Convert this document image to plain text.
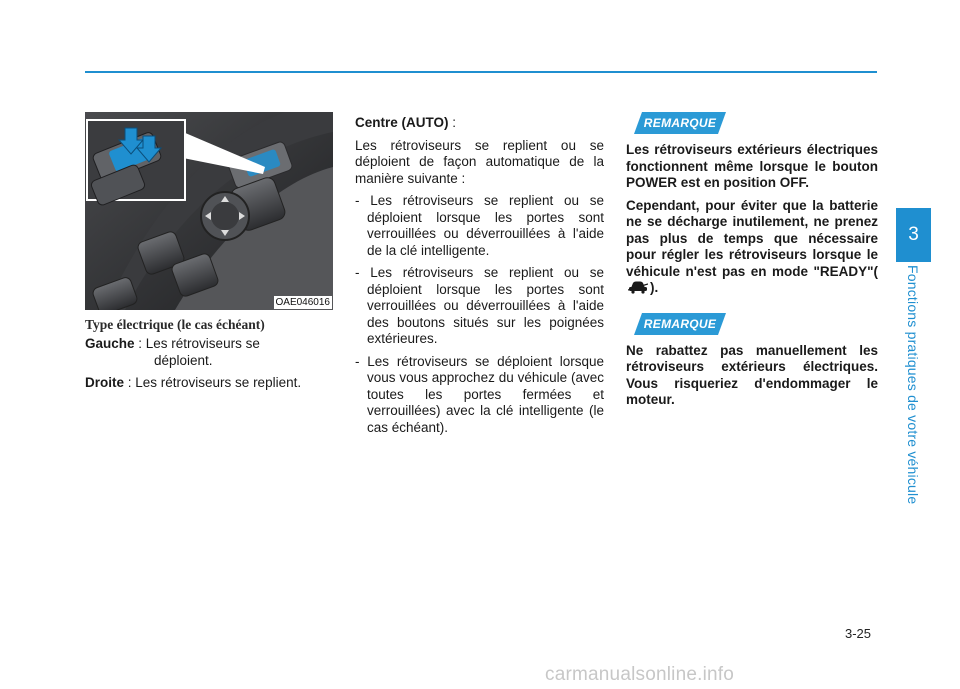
OAE046016
Type électrique (le cas échéant)
Gauche : Les rétroviseurs se
déploient.
Droite : Les rétroviseurs se replient.
Centre (AUTO) :
Les rétroviseurs se replient ou se déploient de façon automatique de la manière suivante :
- Les rétroviseurs se replient ou se déploient lorsque les portes sont verrouillées ou déverrouillées à l'aide de la clé intelligente.
- Les rétroviseurs se replient ou se déploient lorsque les portes sont verrouillées ou déverrouillées à l'aide des boutons situés sur les poignées extérieures.
- Les rétroviseurs se déploient lorsque vous vous approchez du véhicule (avec toutes les portes fermées et verrouillées) avec la clé intelligente (le cas échéant).
REMARQUE
Les rétroviseurs extérieurs électriques fonctionnent même lorsque le bouton POWER est en position OFF.
Cependant, pour éviter que la batterie ne se décharge inutilement, ne prenez pas plus de temps que nécessaire pour régler les rétroviseurs lorsque le véhicule n'est pas en mode "READY"().
REMARQUE
Ne rabattez pas manuellement les rétroviseurs extérieurs électriques. Vous risqueriez d'endommager le moteur.
3
Fonctions pratiques de votre véhicule
3-25
carmanualsonline.info
